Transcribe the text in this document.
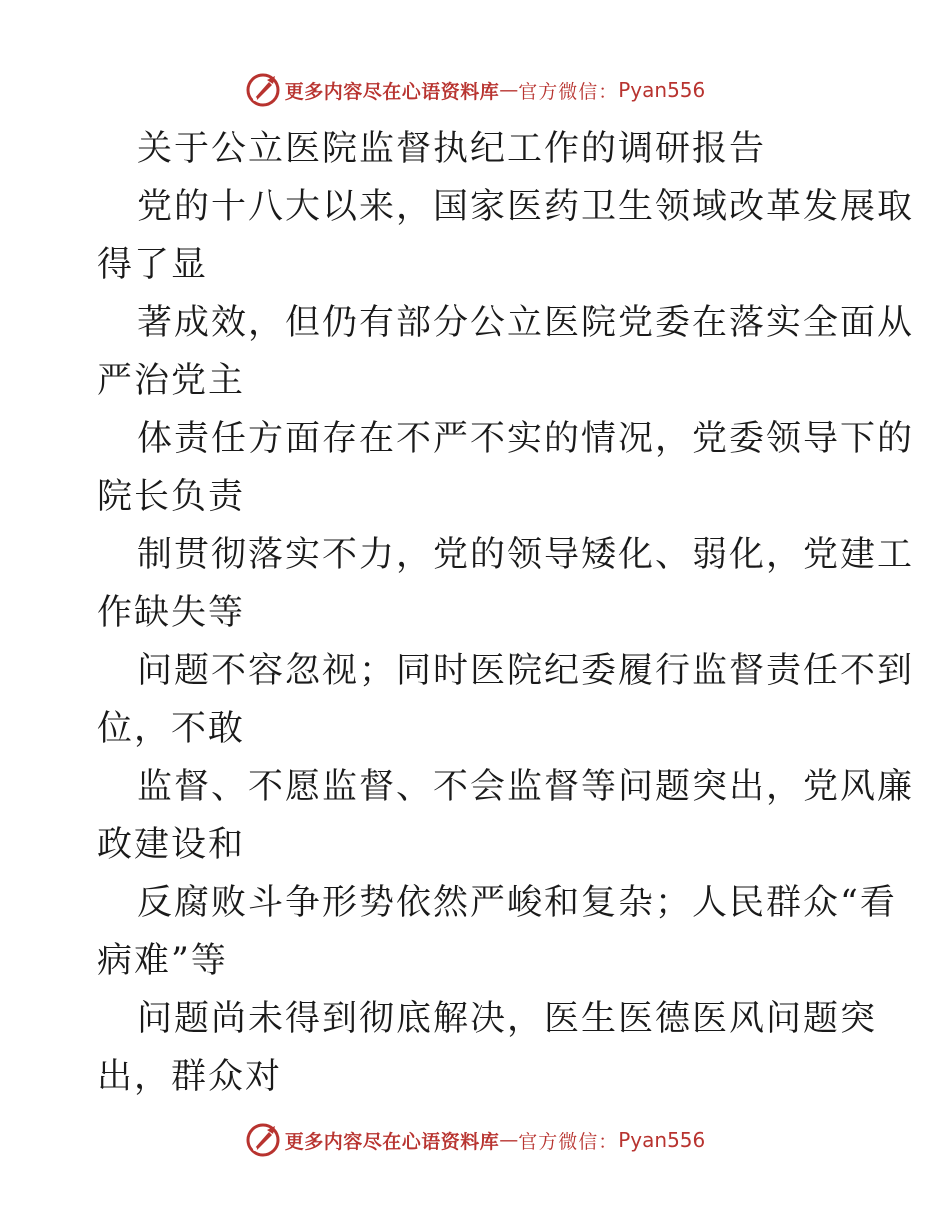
更多内容尽在心语资料库 — 官方微信： Pyan556
关于公立医院监督执纪工作的调研报告
党的十八大以来，国家医药卫生领域改革发展取
得了显
著成效，但仍有部分公立医院党委在落实全面从
严治党主
体责任方面存在不严不实的情况，党委领导下的
院长负责
制贯彻落实不力，党的领导矮化、弱化，党建工
作缺失等
问题不容忽视；同时医院纪委履行监督责任不到
位，不敢
监督、不愿监督、不会监督等问题突出，党风廉
政建设和
反腐败斗争形势依然严峻和复杂；人民群众“看
病难”等
问题尚未得到彻底解决，医生医德医风问题突
出，群众对
更多内容尽在心语资料库 — 官方微信： Pyan556
